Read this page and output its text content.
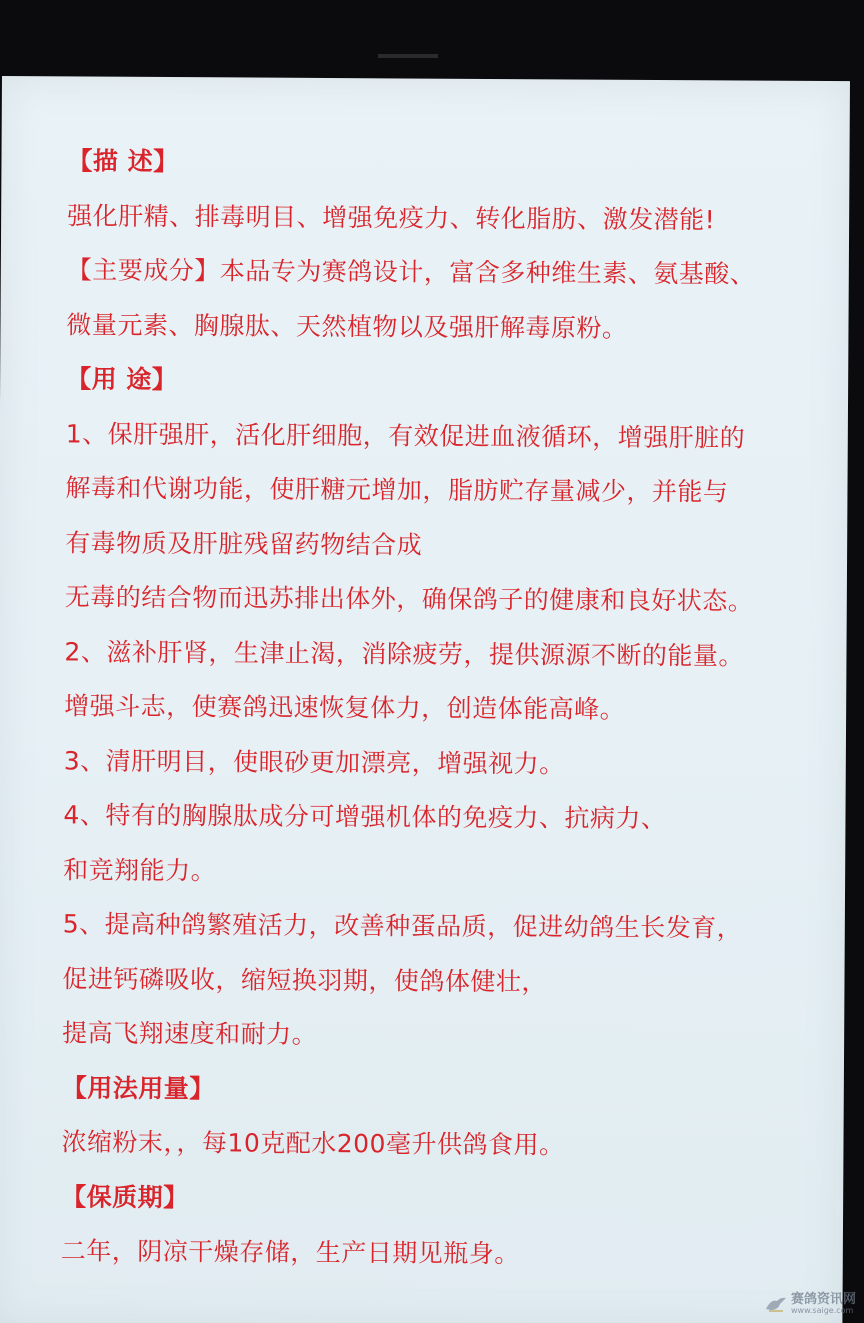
【描 述】
强化肝精、排毒明目、增强免疫力、转化脂肪、激发潜能!
【主要成分】本品专为赛鸽设计，富含多种维生素、氨基酸、
微量元素、胸腺肽、天然植物以及强肝解毒原粉。
【用 途】
1、保肝强肝，活化肝细胞，有效促进血液循环，增强肝脏的
解毒和代谢功能，使肝糖元增加，脂肪贮存量减少，并能与
有毒物质及肝脏残留药物结合成
无毒的结合物而迅苏排出体外，确保鸽子的健康和良好状态。
2、滋补肝肾，生津止渴，消除疲劳，提供源源不断的能量。
增强斗志，使赛鸽迅速恢复体力，创造体能高峰。
3、清肝明目，使眼砂更加漂亮，增强视力。
4、特有的胸腺肽成分可增强机体的免疫力、抗病力、
和竞翔能力。
5、提高种鸽繁殖活力，改善种蛋品质，促进幼鸽生长发育，
促进钙磷吸收，缩短换羽期，使鸽体健壮，
提高飞翔速度和耐力。
【用法用量】
浓缩粉末，，每10克配水200毫升供鸽食用。
【保质期】
二年，阴凉干燥存储，生产日期见瓶身。
赛鸽资讯网
www.saige.com
